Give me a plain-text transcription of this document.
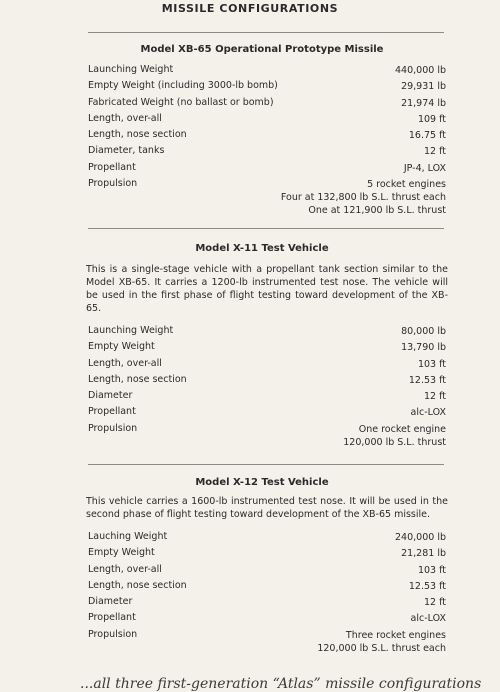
MISSILE CONFIGURATIONS
Model XB-65 Operational Prototype Missile
Launching Weight	440,000 lb
Empty Weight (including 3000-lb bomb)	29,931 lb
Fabricated Weight (no ballast or bomb)	21,974 lb
Length, over-all	109 ft
Length, nose section	16.75 ft
Diameter, tanks	12 ft
Propellant	JP-4, LOX
Propulsion	5 rocket engines
Four at 132,800 lb S.L. thrust each
One at 121,900 lb S.L. thrust
Model X-11 Test Vehicle
This is a single-stage vehicle with a propellant tank section similar to the Model XB-65. It carries a 1200-lb instrumented test nose. The vehicle will be used in the first phase of flight testing toward development of the XB-65.
Launching Weight	80,000 lb
Empty Weight	13,790 lb
Length, over-all	103 ft
Length, nose section	12.53 ft
Diameter	12 ft
Propellant	alc-LOX
Propulsion	One rocket engine
120,000 lb S.L. thrust
Model X-12 Test Vehicle
This vehicle carries a 1600-lb instrumented test nose. It will be used in the second phase of flight testing toward development of the XB-65 missile.
Lauching Weight	240,000 lb
Empty Weight	21,281 lb
Length, over-all	103 ft
Length, nose section	12.53 ft
Diameter	12 ft
Propellant	alc-LOX
Propulsion	Three rocket engines
120,000 lb S.L. thrust each
...all three first-generation “Atlas” missile configurations
